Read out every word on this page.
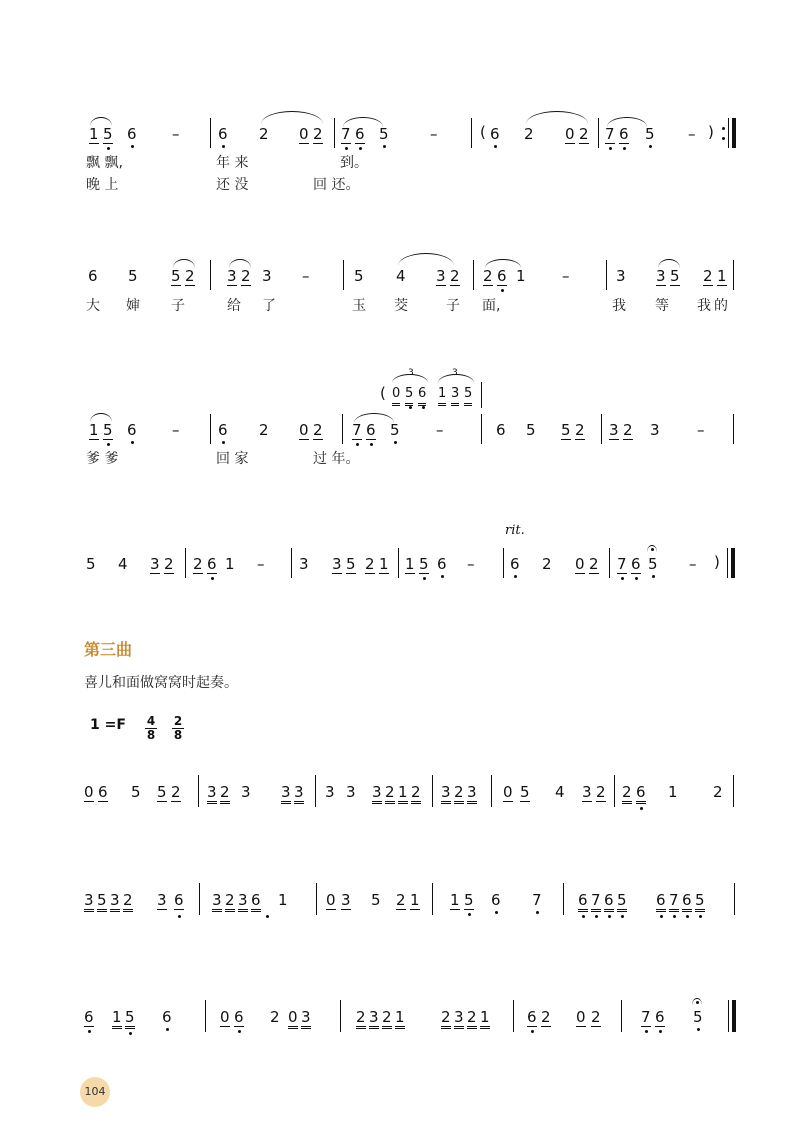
1 5 6 –	6 2 0 2 7 6 5	–	( 6 2 0 2 7 6 5 – )
飘 飘,	年 来	到。
晚 上	还 没	回 还。
6 5 5 2 3 2 3 –	5 4 3 2 2 6 1 –	3 3 5 2 1
大 婶 子	给 了	玉 茭	子 面,	我 等 我 的
(
3	3
0 5 6 1 3 5
1 5 6 –	6 2 0 2 7 6 5 –	6 5 5 2 3 2 3 –
爹 爹	回 家	过 年。
5 4 3 2 2 6 1 – 3 3 5 2 1 1 5 6 –
rit.
6 2 0 2 7 6 5 – )
第三曲
喜儿和面做窝窝时起奏。
$1 =F \frac{4}{8} \frac{2}{8}$
0 6 5 5 2 3 2 3 3 3 3 3 3 2 1 2 3 2 3 0 5 4 3 2 2 6 1 2
3 5 3 2 3 6 3 2 3 6 1	0 3 5 2 1 1 5 6 7 6 7 6 5 6 7 6 5
6 1 5 6	0 6 2 0 3	2 3 2 1 2 3 2 1 6 2 0 2	7 6 5
104
